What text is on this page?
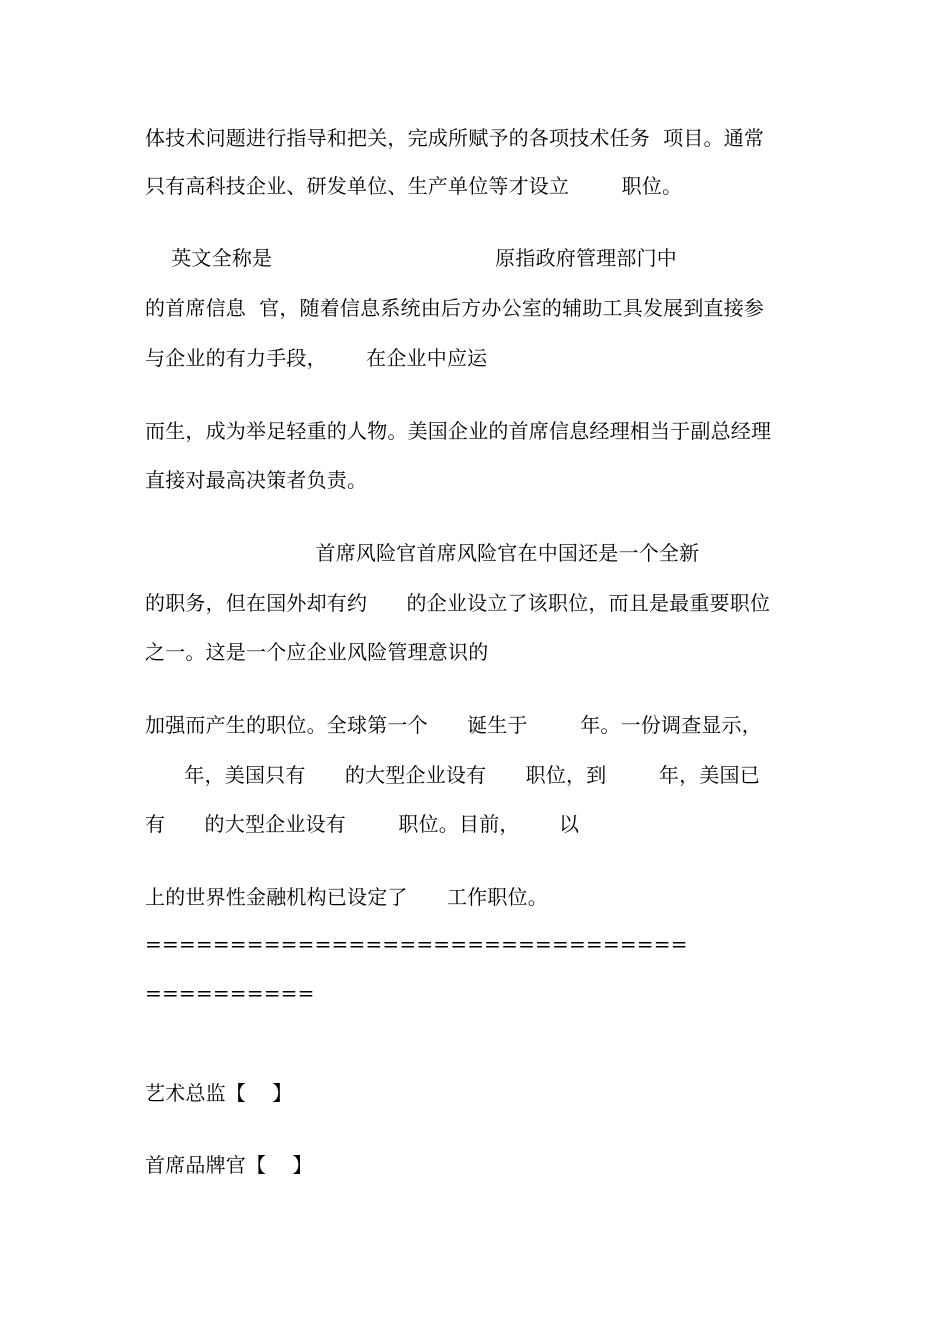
体技术问题进行指导和把关，完成所赋予的各项技术任务  项目。通常
只有高科技企业、研发单位、生产单位等才设立        职位。
英文全称是                                  原指政府管理部门中
的首席信息  官，随着信息系统由后方办公室的辅助工具发展到直接参
与企业的有力手段，      在企业中应运
而生，成为举足轻重的人物。美国企业的首席信息经理相当于副总经理
直接对最高决策者负责。
首席风险官首席风险官在中国还是一个全新
的职务，但在国外却有约      的企业设立了该职位，而且是最重要职位
之一。这是一个应企业风险管理意识的
加强而产生的职位。全球第一个      诞生于        年。一份调查显示，
年，美国只有      的大型企业设有      职位，到        年，美国已
有      的大型企业设有        职位。目前，      以
上的世界性金融机构已设定了      工作职位。
================================
==========
艺术总监【    】
首席品牌官【    】
